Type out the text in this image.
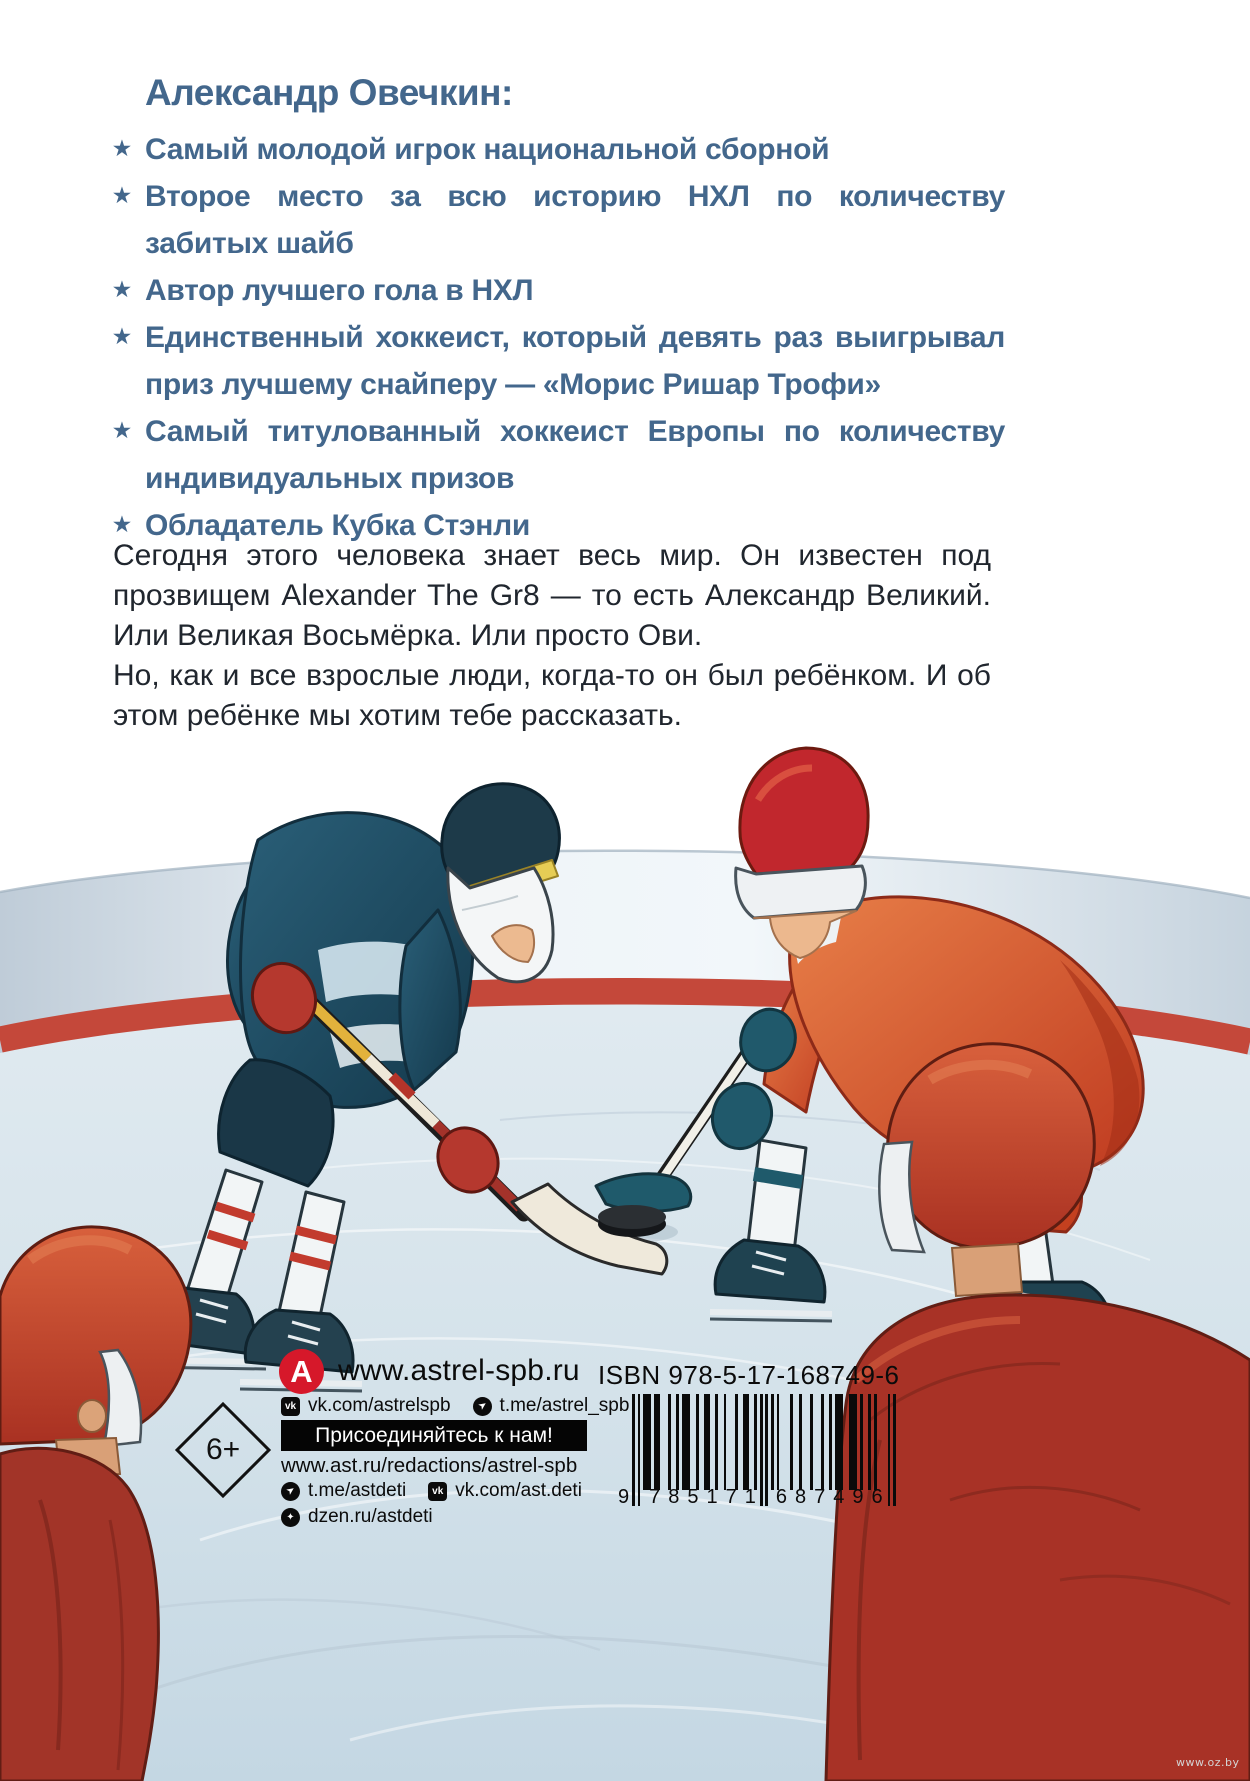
Александр Овечкин:
★ Самый молодой игрок национальной сборной
★ Второе место за всю историю НХЛ по количеству забитых шайб
★ Автор лучшего гола в НХЛ
★ Единственный хоккеист, который девять раз выигрывал приз лучшему снайперу — «Морис Ришар Трофи»
★ Самый титулованный хоккеист Европы по количеству индивидуальных призов
★ Обладатель Кубка Стэнли

Сегодня этого человека знает весь мир. Он известен под прозвищем Alexander The Gr8 — то есть Александр Великий. Или Великая Восьмёрка. Или просто Ови.

Но, как и все взрослые люди, когда-то он был ребёнком. И об этом ребёнке мы хотим тебе рассказать.

A www.astrel-spb.ru
vk vk.com/astrelspb	➤ t.me/astrel_spb
Присоединяйтесь к нам!
www.ast.ru/redactions/astrel-spb
➤ t.me/astdeti	vk vk.com/ast.deti
✦ dzen.ru/astdeti
6+
ISBN 978-5-17-168749-6
9 785171 687496
www.oz.by
